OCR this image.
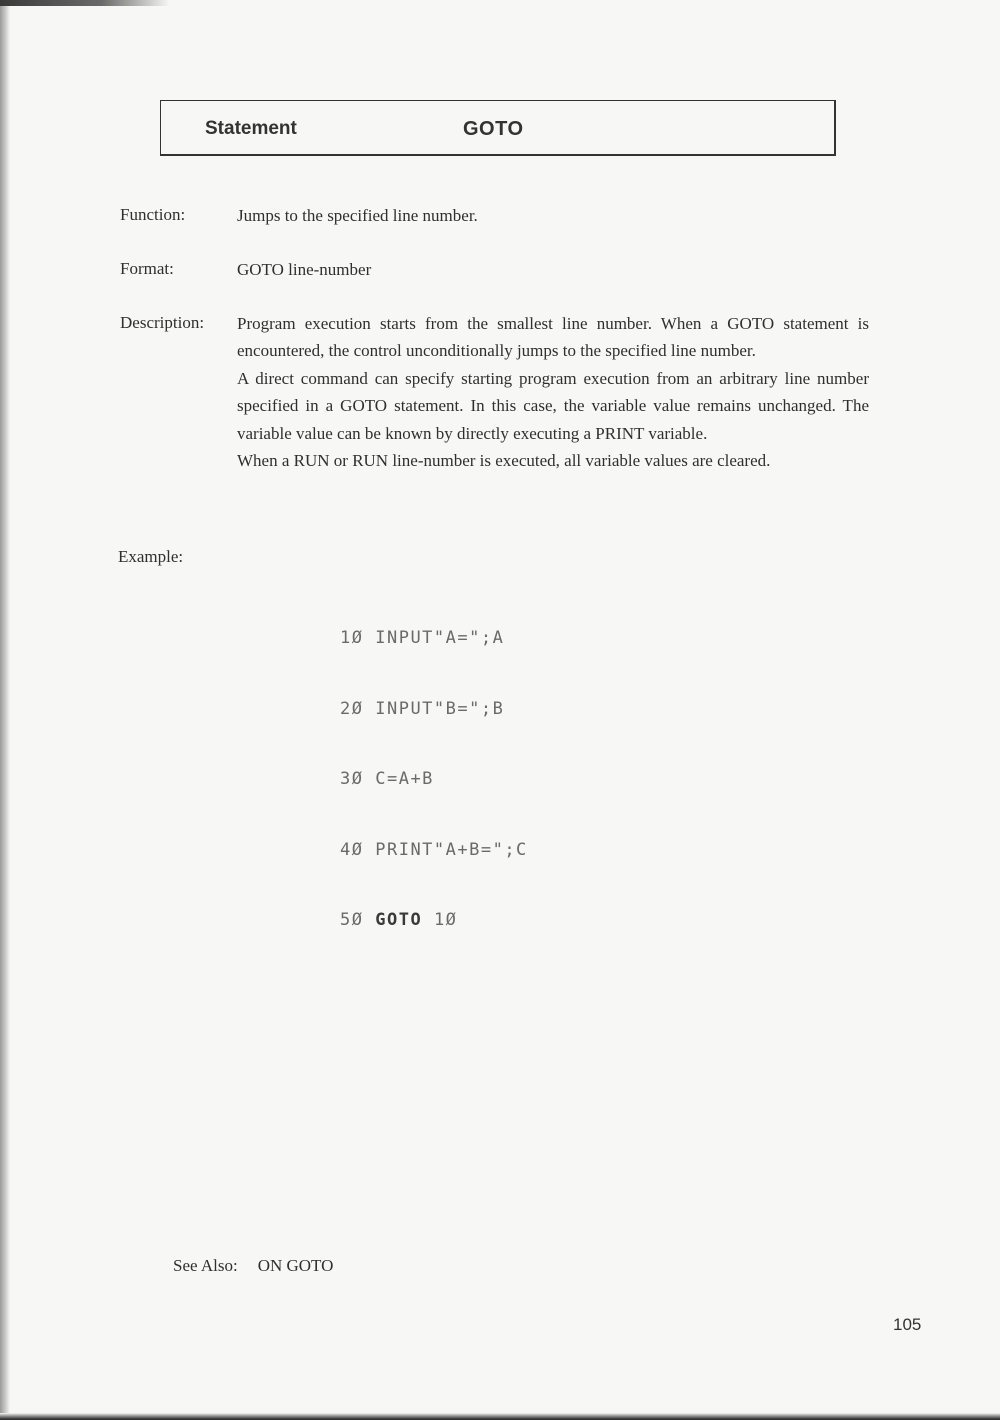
Statement	GOTO
Function:	Jumps to the specified line number.
Format:	GOTO line-number
Description: Program execution starts from the smallest line number. When a GOTO statement is encountered, the control unconditionally jumps to the specified line number.

A direct command can specify starting program execution from an arbitrary line number specified in a GOTO statement. In this case, the variable value remains unchanged. The variable value can be known by directly executing a PRINT variable.

When a RUN or RUN line-number is executed, all variable values are cleared.

Example:

1Ø INPUT"A=";A

2Ø INPUT"B=";B

3Ø C=A+B

4Ø PRINT"A+B=";C

5Ø GOTO 1Ø

See Also: ON GOTO
105
